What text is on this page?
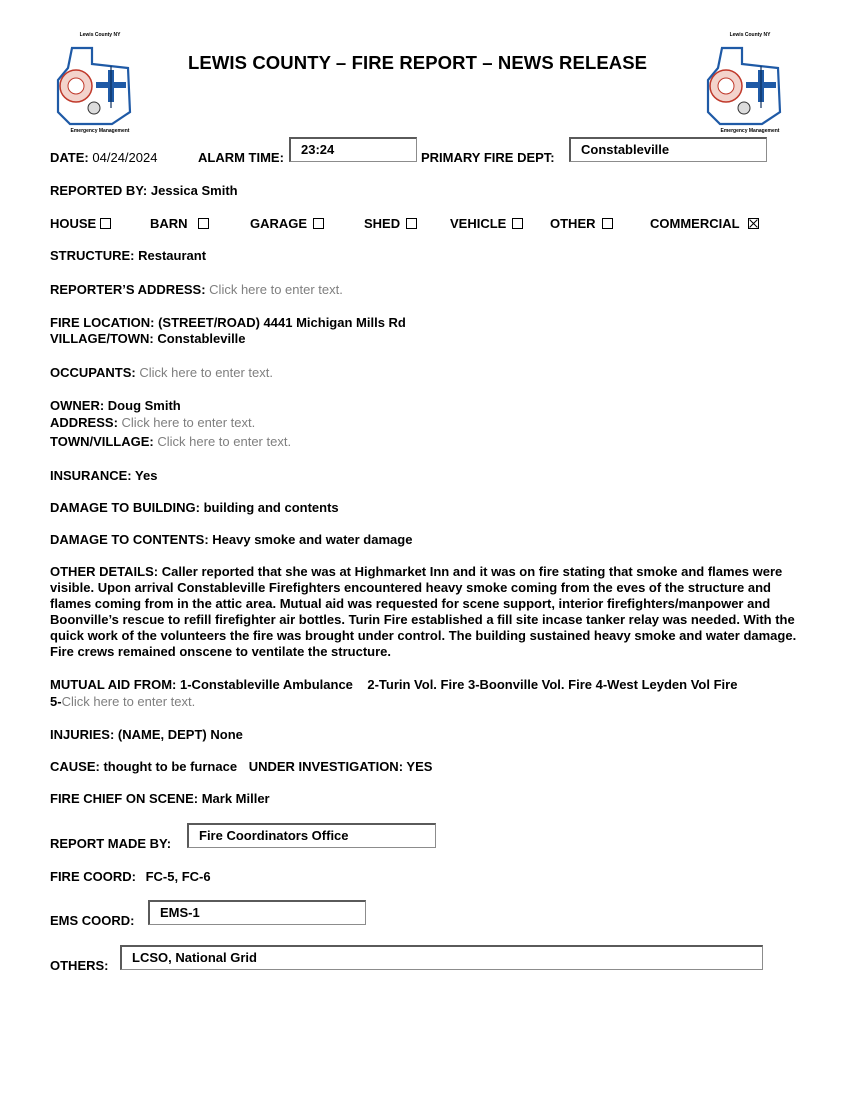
Lewis County NY
Emergency Management
Lewis County NY
Emergency Management
LEWIS COUNTY – FIRE REPORT – NEWS RELEASE
DATE: 04/24/2024	ALARM TIME:
23:24
PRIMARY FIRE DEPT:
Constableville
REPORTED BY: Jessica Smith
HOUSE	BARN	GARAGE	SHED	VEHICLE	OTHER	COMMERCIAL
STRUCTURE: Restaurant
REPORTER’S ADDRESS: Click here to enter text.
FIRE LOCATION: (STREET/ROAD) 4441 Michigan Mills Rd
VILLAGE/TOWN: Constableville
OCCUPANTS: Click here to enter text.
OWNER: Doug Smith
ADDRESS: Click here to enter text.
TOWN/VILLAGE: Click here to enter text.
INSURANCE: Yes
DAMAGE TO BUILDING: building and contents
DAMAGE TO CONTENTS: Heavy smoke and water damage
OTHER DETAILS: Caller reported that she was at Highmarket Inn and it was on fire stating that smoke and flames were visible. Upon arrival Constableville Firefighters encountered heavy smoke coming from the eves of the structure and flames coming from in the attic area. Mutual aid was requested for scene support, interior firefighters/manpower and Boonville’s rescue to refill firefighter air bottles. Turin Fire established a fill site incase tanker relay was needed. With the quick work of the volunteers the fire was brought under control. The building sustained heavy smoke and water damage. Fire crews remained onscene to ventilate the structure.
MUTUAL AID FROM: 1-Constableville Ambulance    2-Turin Vol. Fire 3-Boonville Vol. Fire 4-West Leyden Vol Fire
5-Click here to enter text.
INJURIES: (NAME, DEPT) None
CAUSE: thought to be furnace UNDER INVESTIGATION: YES
FIRE CHIEF ON SCENE: Mark Miller
REPORT MADE BY:
Fire Coordinators Office
FIRE COORD: FC-5, FC-6
EMS COORD:
EMS-1
OTHERS:
LCSO, National Grid
